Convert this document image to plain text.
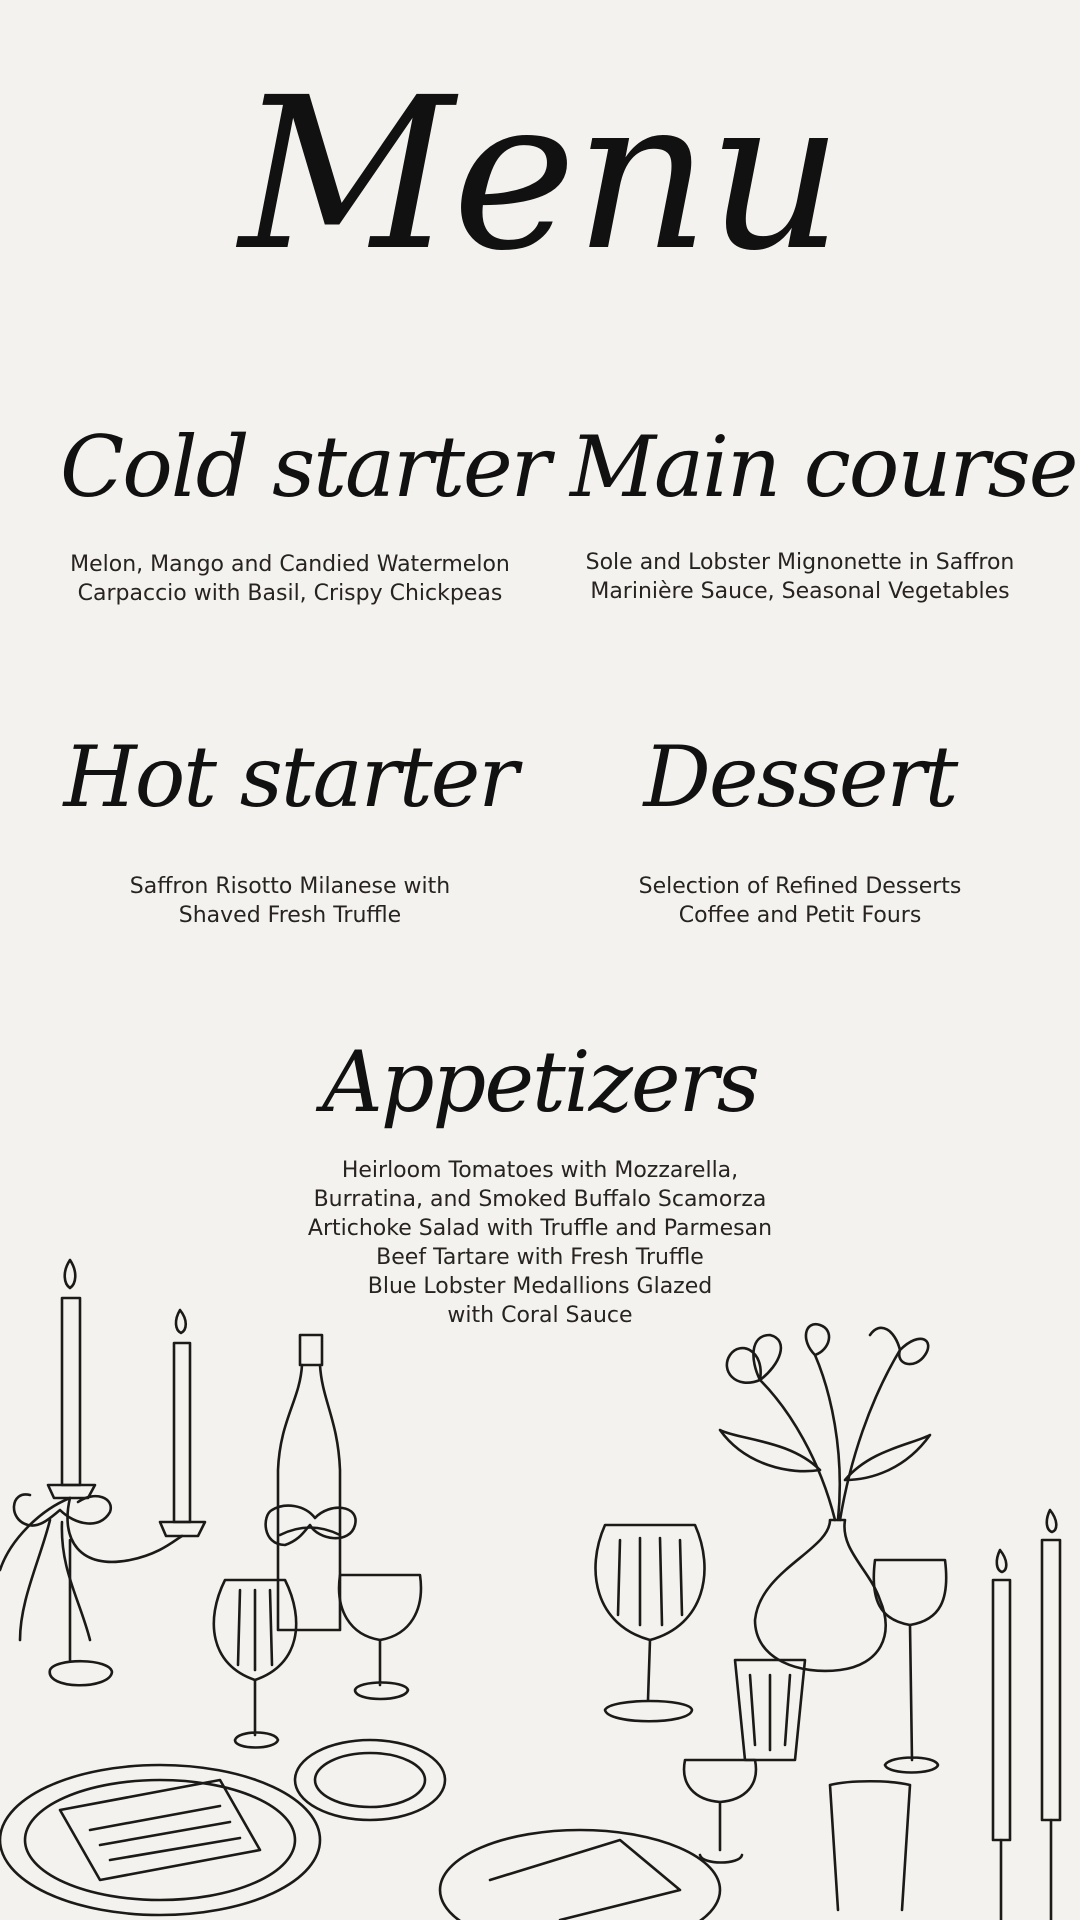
Menu
Cold starter
Melon, Mango and Candied Watermelon
Carpaccio with Basil, Crispy Chickpeas
Main course
Sole and Lobster Mignonette in Saffron
Marinière Sauce, Seasonal Vegetables
Hot starter
Saffron Risotto Milanese with
Shaved Fresh Truffle
Dessert
Selection of Refined Desserts
Coffee and Petit Fours
Appetizers
Heirloom Tomatoes with Mozzarella,
Burratina, and Smoked Buffalo Scamorza
Artichoke Salad with Truffle and Parmesan
Beef Tartare with Fresh Truffle
Blue Lobster Medallions Glazed
with Coral Sauce
